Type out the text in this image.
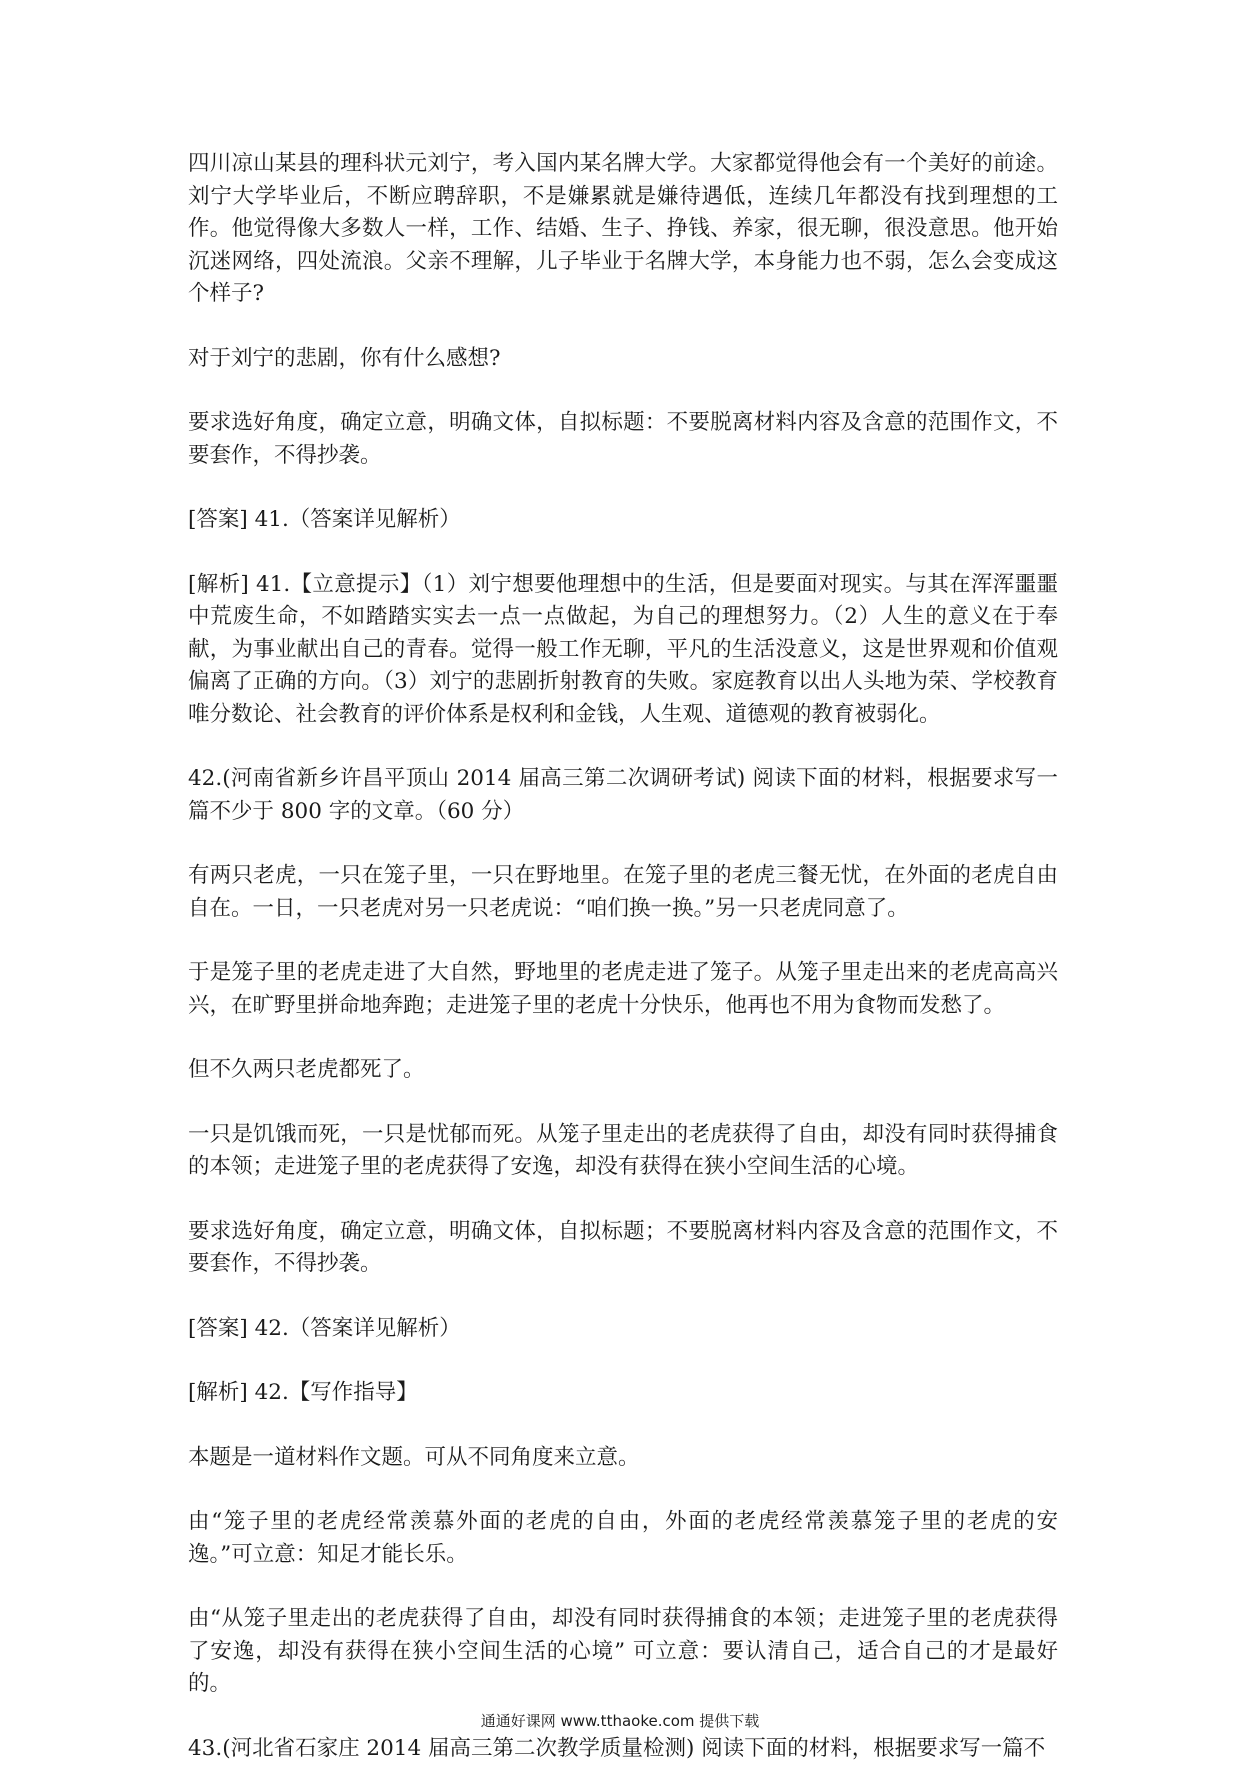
四川凉山某县的理科状元刘宁，考入国内某名牌大学。大家都觉得他会有一个美好的前途。刘宁大学毕业后，不断应聘辞职，不是嫌累就是嫌待遇低，连续几年都没有找到理想的工作。他觉得像大多数人一样，工作、结婚、生子、挣钱、养家，很无聊，很没意思。他开始沉迷网络，四处流浪。父亲不理解，儿子毕业于名牌大学，本身能力也不弱，怎么会变成这个样子?

对于刘宁的悲剧，你有什么感想?

要求选好角度，确定立意，明确文体，自拟标题：不要脱离材料内容及含意的范围作文，不要套作，不得抄袭。

[答案] 41.（答案详见解析）

[解析] 41.【立意提示】（1）刘宁想要他理想中的生活，但是要面对现实。与其在浑浑噩噩中荒废生命，不如踏踏实实去一点一点做起，为自己的理想努力。（2）人生的意义在于奉献，为事业献出自己的青春。觉得一般工作无聊，平凡的生活没意义，这是世界观和价值观偏离了正确的方向。（3）刘宁的悲剧折射教育的失败。家庭教育以出人头地为荣、学校教育唯分数论、社会教育的评价体系是权利和金钱，人生观、道德观的教育被弱化。

42.(河南省新乡许昌平顶山 2014 届高三第二次调研考试) 阅读下面的材料，根据要求写一篇不少于 800 字的文章。（60 分）

有两只老虎，一只在笼子里，一只在野地里。在笼子里的老虎三餐无忧，在外面的老虎自由自在。一日，一只老虎对另一只老虎说：“咱们换一换。”另一只老虎同意了。

于是笼子里的老虎走进了大自然，野地里的老虎走进了笼子。从笼子里走出来的老虎高高兴兴，在旷野里拼命地奔跑；走进笼子里的老虎十分快乐，他再也不用为食物而发愁了。

但不久两只老虎都死了。

一只是饥饿而死，一只是忧郁而死。从笼子里走出的老虎获得了自由，却没有同时获得捕食的本领；走进笼子里的老虎获得了安逸，却没有获得在狭小空间生活的心境。

要求选好角度，确定立意，明确文体，自拟标题；不要脱离材料内容及含意的范围作文，不要套作，不得抄袭。

[答案] 42.（答案详见解析）

[解析] 42.【写作指导】

本题是一道材料作文题。可从不同角度来立意。

由“笼子里的老虎经常羡慕外面的老虎的自由，外面的老虎经常羡慕笼子里的老虎的安逸。”可立意：知足才能长乐。

由“从笼子里走出的老虎获得了自由，却没有同时获得捕食的本领；走进笼子里的老虎获得了安逸，却没有获得在狭小空间生活的心境” 可立意：要认清自己，适合自己的才是最好的。

43.(河北省石家庄 2014 届高三第二次教学质量检测) 阅读下面的材料，根据要求写一篇不

通通好课网 www.tthaoke.com 提供下载
